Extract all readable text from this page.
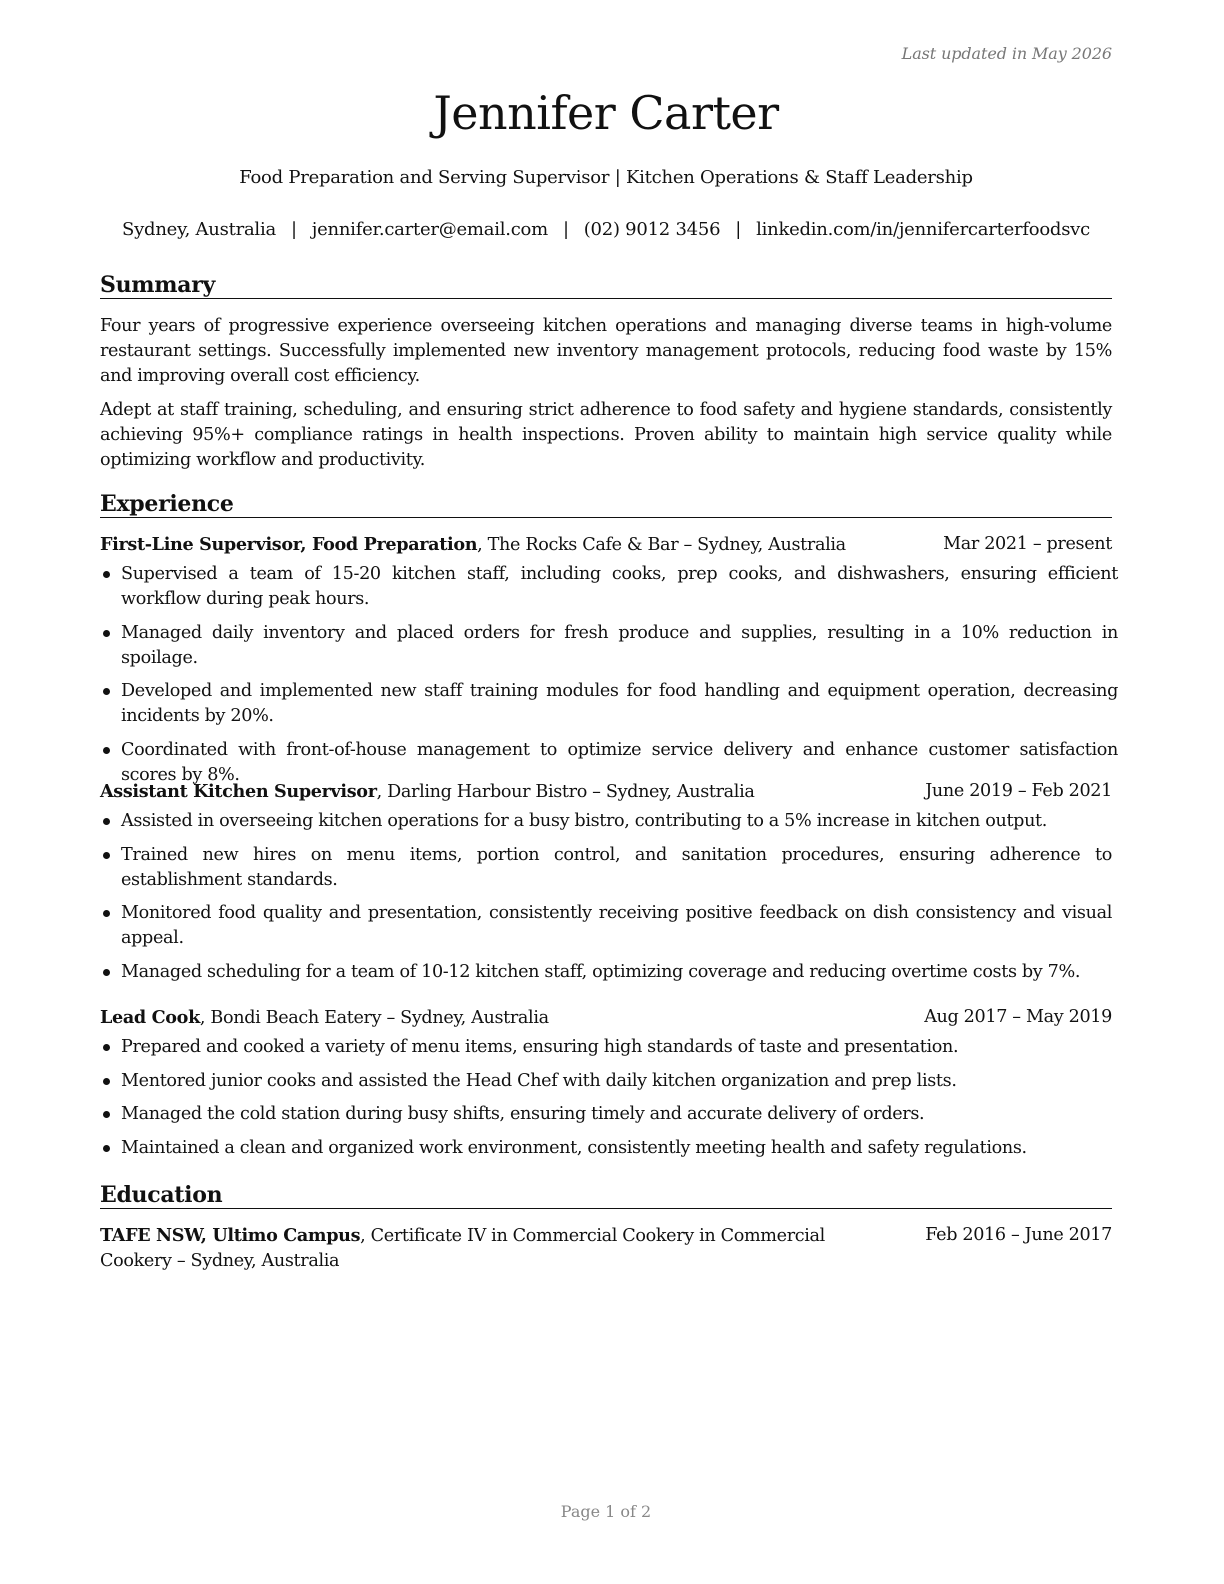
Last updated in May 2026
Jennifer Carter
Food Preparation and Serving Supervisor | Kitchen Operations & Staff Leadership
Sydney, Australia | jennifer.carter@email.com | (02) 9012 3456 | linkedin.com/in/jennifercarterfoodsvc
Summary

Four years of progressive experience overseeing kitchen operations and managing diverse teams in high-volume restaurant settings. Successfully implemented new inventory management protocols, reducing food waste by 15% and improving overall cost efficiency.

Adept at staff training, scheduling, and ensuring strict adherence to food safety and hygiene standards, consistently achieving 95%+ compliance ratings in health inspections. Proven ability to maintain high service quality while optimizing workflow and productivity.

Experience
First-Line Supervisor, Food Preparation, The Rocks Cafe & Bar – Sydney, Australia	Mar 2021 – present
Supervised a team of 15-20 kitchen staff, including cooks, prep cooks, and dishwashers, ensuring efficient workflow during peak hours.
Managed daily inventory and placed orders for fresh produce and supplies, resulting in a 10% reduction in spoilage.
Developed and implemented new staff training modules for food handling and equipment operation, decreasing incidents by 20%.
Coordinated with front-of-house management to optimize service delivery and enhance customer satisfaction scores by 8%.
Assistant Kitchen Supervisor, Darling Harbour Bistro – Sydney, Australia	June 2019 – Feb 2021
Assisted in overseeing kitchen operations for a busy bistro, contributing to a 5% increase in kitchen output.
Trained new hires on menu items, portion control, and sanitation procedures, ensuring adherence to establishment standards.
Monitored food quality and presentation, consistently receiving positive feedback on dish consistency and visual appeal.
Managed scheduling for a team of 10-12 kitchen staff, optimizing coverage and reducing overtime costs by 7%.
Lead Cook, Bondi Beach Eatery – Sydney, Australia	Aug 2017 – May 2019
Prepared and cooked a variety of menu items, ensuring high standards of taste and presentation.
Mentored junior cooks and assisted the Head Chef with daily kitchen organization and prep lists.
Managed the cold station during busy shifts, ensuring timely and accurate delivery of orders.
Maintained a clean and organized work environment, consistently meeting health and safety regulations.
Education
TAFE NSW, Ultimo Campus, Certificate IV in Commercial Cookery in Commercial Cookery – Sydney, Australia
Feb 2016 – June 2017
Page 1 of 2
